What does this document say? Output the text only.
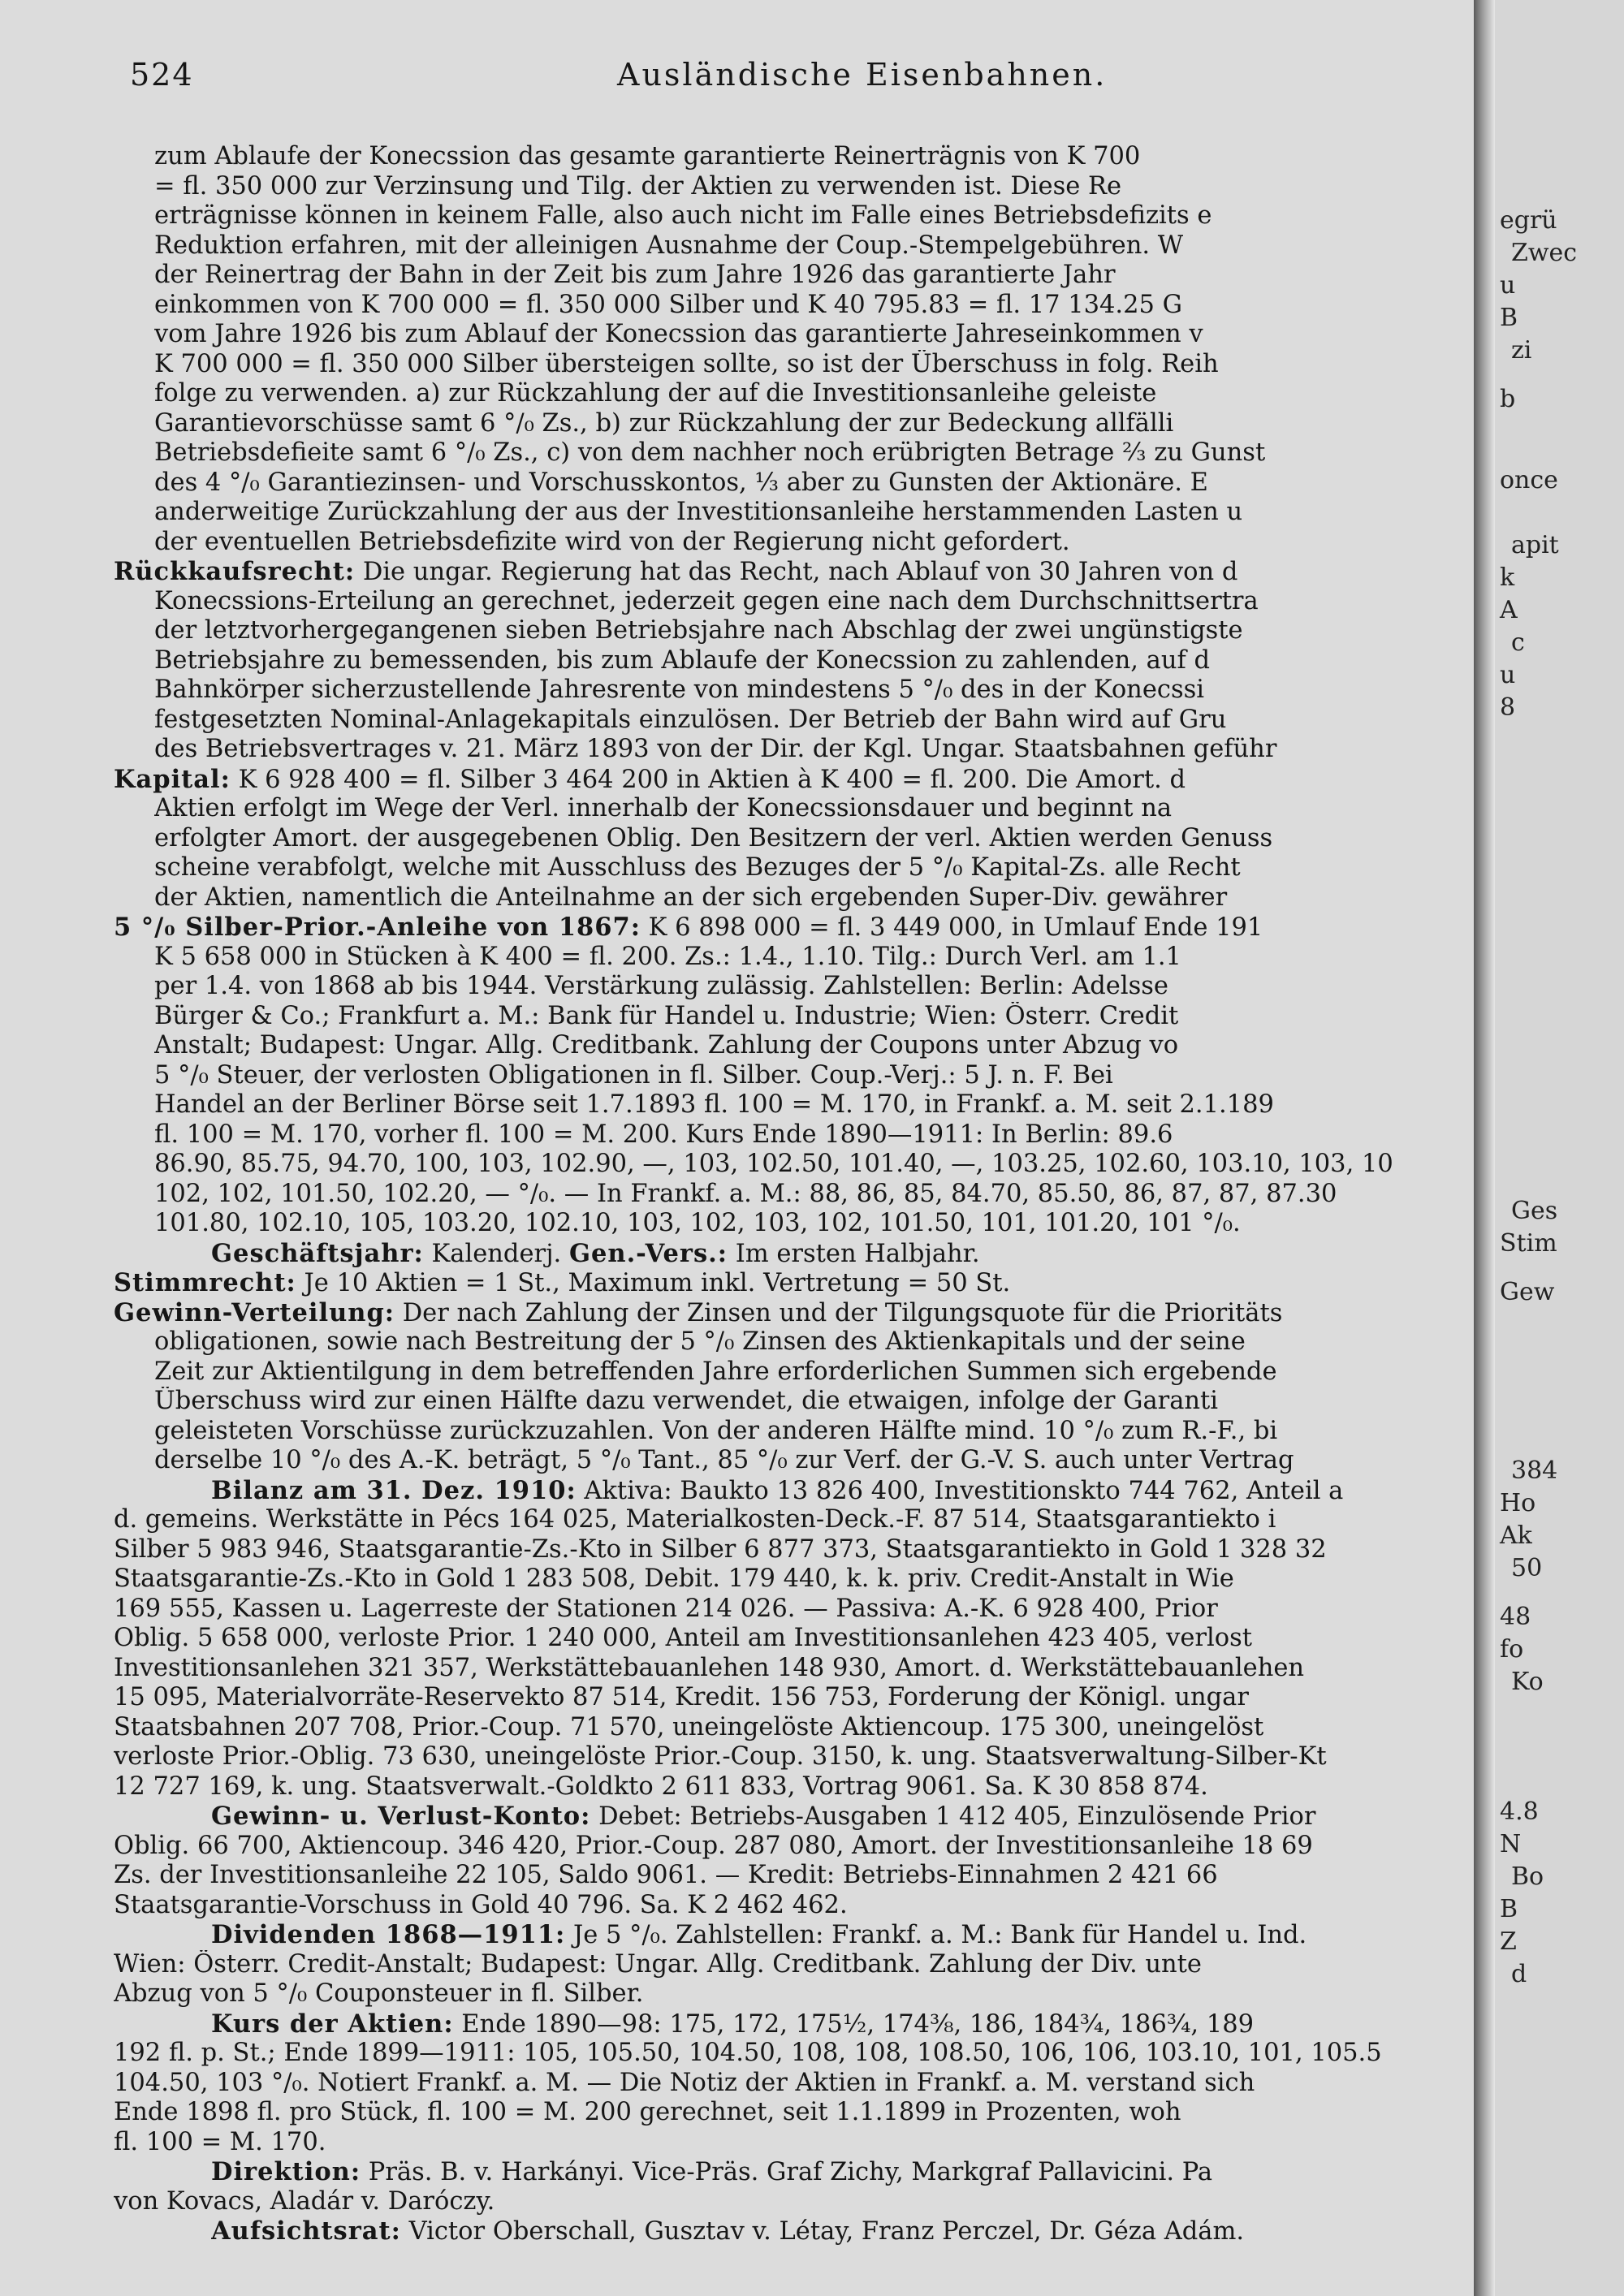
524	Ausländische Eisenbahnen.
zum Ablaufe der Konecssion das gesamte garantierte Reinerträgnis von K 700
= fl. 350 000 zur Verzinsung und Tilg. der Aktien zu verwenden ist. Diese Re
erträgnisse können in keinem Falle, also auch nicht im Falle eines Betriebsdefizits e
Reduktion erfahren, mit der alleinigen Ausnahme der Coup.-Stempelgebühren. W
der Reinertrag der Bahn in der Zeit bis zum Jahre 1926 das garantierte Jahr
einkommen von K 700 000 = fl. 350 000 Silber und K 40 795.83 = fl. 17 134.25 G
vom Jahre 1926 bis zum Ablauf der Konecssion das garantierte Jahreseinkommen v
K 700 000 = fl. 350 000 Silber übersteigen sollte, so ist der Überschuss in folg. Reih
folge zu verwenden. a) zur Rückzahlung der auf die Investitionsanleihe geleiste
Garantievorschüsse samt 6 °/₀ Zs., b) zur Rückzahlung der zur Bedeckung allfälli
Betriebsdefieite samt 6 °/₀ Zs., c) von dem nachher noch erübrigten Betrage ²⁄₃ zu Gunst
des 4 °/₀ Garantiezinsen- und Vorschusskontos, ¹⁄₃ aber zu Gunsten der Aktionäre. E
anderweitige Zurückzahlung der aus der Investitionsanleihe herstammenden Lasten u
der eventuellen Betriebsdefizite wird von der Regierung nicht gefordert.
Rückkaufsrecht: Die ungar. Regierung hat das Recht, nach Ablauf von 30 Jahren von d
Konecssions-Erteilung an gerechnet, jederzeit gegen eine nach dem Durchschnittsertra
der letztvorhergegangenen sieben Betriebsjahre nach Abschlag der zwei ungünstigste
Betriebsjahre zu bemessenden, bis zum Ablaufe der Konecssion zu zahlenden, auf d
Bahnkörper sicherzustellende Jahresrente von mindestens 5 °/₀ des in der Konecssi
festgesetzten Nominal-Anlagekapitals einzulösen. Der Betrieb der Bahn wird auf Gru
des Betriebsvertrages v. 21. März 1893 von der Dir. der Kgl. Ungar. Staatsbahnen geführ
Kapital: K 6 928 400 = fl. Silber 3 464 200 in Aktien à K 400 = fl. 200. Die Amort. d
Aktien erfolgt im Wege der Verl. innerhalb der Konecssionsdauer und beginnt na
erfolgter Amort. der ausgegebenen Oblig. Den Besitzern der verl. Aktien werden Genuss
scheine verabfolgt, welche mit Ausschluss des Bezuges der 5 °/₀ Kapital-Zs. alle Recht
der Aktien, namentlich die Anteilnahme an der sich ergebenden Super-Div. gewährer
5 °/₀ Silber-Prior.-Anleihe von 1867: K 6 898 000 = fl. 3 449 000, in Umlauf Ende 191
K 5 658 000 in Stücken à K 400 = fl. 200. Zs.: 1.4., 1.10. Tilg.: Durch Verl. am 1.1
per 1.4. von 1868 ab bis 1944. Verstärkung zulässig. Zahlstellen: Berlin: Adelsse
Bürger & Co.; Frankfurt a. M.: Bank für Handel u. Industrie; Wien: Österr. Credit
Anstalt; Budapest: Ungar. Allg. Creditbank. Zahlung der Coupons unter Abzug vo
5 °/₀ Steuer, der verlosten Obligationen in fl. Silber. Coup.-Verj.: 5 J. n. F. Bei
Handel an der Berliner Börse seit 1.7.1893 fl. 100 = M. 170, in Frankf. a. M. seit 2.1.189
fl. 100 = M. 170, vorher fl. 100 = M. 200. Kurs Ende 1890—1911: In Berlin: 89.6
86.90, 85.75, 94.70, 100, 103, 102.90, —, 103, 102.50, 101.40, —, 103.25, 102.60, 103.10, 103, 10
102, 102, 101.50, 102.20, — °/₀. — In Frankf. a. M.: 88, 86, 85, 84.70, 85.50, 86, 87, 87, 87.30
101.80, 102.10, 105, 103.20, 102.10, 103, 102, 103, 102, 101.50, 101, 101.20, 101 °/₀.
Geschäftsjahr: Kalenderj. Gen.-Vers.: Im ersten Halbjahr.
Stimmrecht: Je 10 Aktien = 1 St., Maximum inkl. Vertretung = 50 St.
Gewinn-Verteilung: Der nach Zahlung der Zinsen und der Tilgungsquote für die Prioritäts
obligationen, sowie nach Bestreitung der 5 °/₀ Zinsen des Aktienkapitals und der seine
Zeit zur Aktientilgung in dem betreffenden Jahre erforderlichen Summen sich ergebende
Überschuss wird zur einen Hälfte dazu verwendet, die etwaigen, infolge der Garanti
geleisteten Vorschüsse zurückzuzahlen. Von der anderen Hälfte mind. 10 °/₀ zum R.-F., bi
derselbe 10 °/₀ des A.-K. beträgt, 5 °/₀ Tant., 85 °/₀ zur Verf. der G.-V. S. auch unter Vertrag
Bilanz am 31. Dez. 1910: Aktiva: Baukto 13 826 400, Investitionskto 744 762, Anteil a
d. gemeins. Werkstätte in Pécs 164 025, Materialkosten-Deck.-F. 87 514, Staatsgarantiekto i
Silber 5 983 946, Staatsgarantie-Zs.-Kto in Silber 6 877 373, Staatsgarantiekto in Gold 1 328 32
Staatsgarantie-Zs.-Kto in Gold 1 283 508, Debit. 179 440, k. k. priv. Credit-Anstalt in Wie
169 555, Kassen u. Lagerreste der Stationen 214 026. — Passiva: A.-K. 6 928 400, Prior
Oblig. 5 658 000, verloste Prior. 1 240 000, Anteil am Investitionsanlehen 423 405, verlost
Investitionsanlehen 321 357, Werkstättebauanlehen 148 930, Amort. d. Werkstättebauanlehen
15 095, Materialvorräte-Reservekto 87 514, Kredit. 156 753, Forderung der Königl. ungar
Staatsbahnen 207 708, Prior.-Coup. 71 570, uneingelöste Aktiencoup. 175 300, uneingelöst
verloste Prior.-Oblig. 73 630, uneingelöste Prior.-Coup. 3150, k. ung. Staatsverwaltung-Silber-Kt
12 727 169, k. ung. Staatsverwalt.-Goldkto 2 611 833, Vortrag 9061. Sa. K 30 858 874.
Gewinn- u. Verlust-Konto: Debet: Betriebs-Ausgaben 1 412 405, Einzulösende Prior
Oblig. 66 700, Aktiencoup. 346 420, Prior.-Coup. 287 080, Amort. der Investitionsanleihe 18 69
Zs. der Investitionsanleihe 22 105, Saldo 9061. — Kredit: Betriebs-Einnahmen 2 421 66
Staatsgarantie-Vorschuss in Gold 40 796. Sa. K 2 462 462.
Dividenden 1868—1911: Je 5 °/₀. Zahlstellen: Frankf. a. M.: Bank für Handel u. Ind.
Wien: Österr. Credit-Anstalt; Budapest: Ungar. Allg. Creditbank. Zahlung der Div. unte
Abzug von 5 °/₀ Couponsteuer in fl. Silber.
Kurs der Aktien: Ende 1890—98: 175, 172, 175¹⁄₂, 174³⁄₈, 186, 184³⁄₄, 186³⁄₄, 189
192 fl. p. St.; Ende 1899—1911: 105, 105.50, 104.50, 108, 108, 108.50, 106, 106, 103.10, 101, 105.5
104.50, 103 °/₀. Notiert Frankf. a. M. — Die Notiz der Aktien in Frankf. a. M. verstand sich
Ende 1898 fl. pro Stück, fl. 100 = M. 200 gerechnet, seit 1.1.1899 in Prozenten, woh
fl. 100 = M. 170.
Direktion: Präs. B. v. Harkányi. Vice-Präs. Graf Zichy, Markgraf Pallavicini. Pa
von Kovacs, Aladár v. Daróczy.
Aufsichtsrat: Victor Oberschall, Gusztav v. Létay, Franz Perczel, Dr. Géza Adám.
egrü
Zwec
u
B
zi
b
once
apit
k
A
c
u
8
Ges
Stim
Gew
384
Ho
Ak
50
48
fo
Ko
4.8
N
Bo
B
Z
d
